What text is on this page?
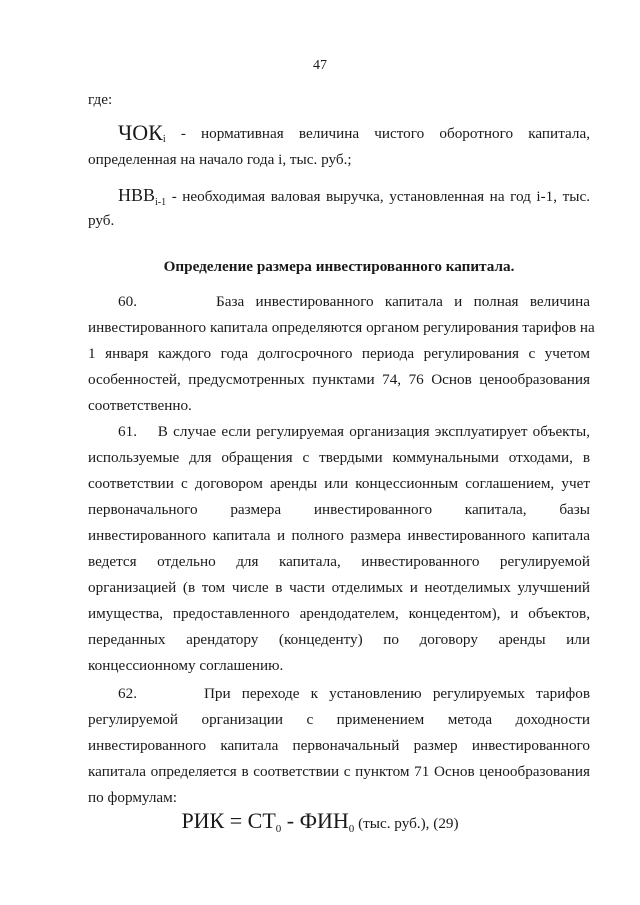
47
где:
$ЧОК_i$ - нормативная величина чистого оборотного капитала,
определенная на начало года i, тыс. руб.;
$НВВ_{i-1}$ - необходимая валовая выручка, установленная на год i-1, тыс.
руб.
Определение размера инвестированного капитала.
60.	База инвестированного капитала и полная величина
инвестированного капитала определяются органом регулирования тарифов на
1 января каждого года долгосрочного периода регулирования с учетом
особенностей, предусмотренных пунктами 74, 76 Основ ценообразования
соответственно.
61. В случае если регулируемая организация эксплуатирует объекты,
используемые для обращения с твердыми коммунальными отходами, в
соответствии с договором аренды или концессионным соглашением, учет
первоначального размера инвестированного капитала, базы
инвестированного капитала и полного размера инвестированного капитала
ведется отдельно для капитала, инвестированного регулируемой
организацией (в том числе в части отделимых и неотделимых улучшений
имущества, предоставленного арендодателем, концедентом), и объектов,
переданных арендатору (концеденту) по договору аренды или
концессионному соглашению.
62.	При переходе к установлению регулируемых тарифов
регулируемой организации с применением метода доходности
инвестированного капитала первоначальный размер инвестированного
капитала определяется в соответствии с пунктом 71 Основ ценообразования
по формулам:
РИК = $СТ_0 - ФИН_0$ (тыс. руб.), (29)
